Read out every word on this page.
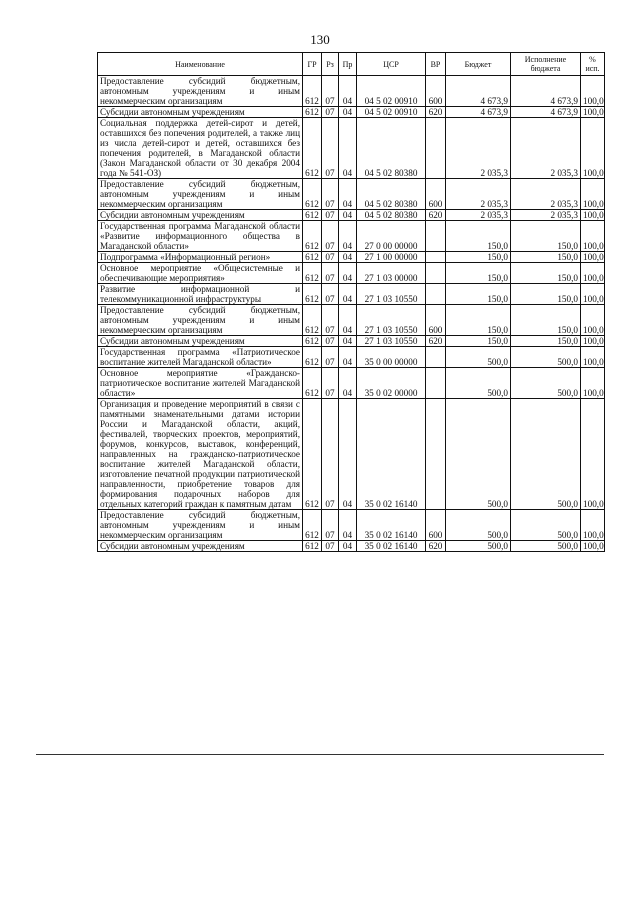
130
Наименование	ГР	Рз	Пр	ЦСР	ВР	Бюджет	Исполнение бюджета	% исп.
Предоставление субсидий бюджетным, автономным учреждениям и иным некоммерческим организациям	612	07	04	04 5 02 00910	600	4 673,9	4 673,9	100,0
Субсидии автономным учреждениям	612	07	04	04 5 02 00910	620	4 673,9	4 673,9	100,0
Социальная поддержка детей-сирот и детей, оставшихся без попечения родителей, а также лиц из числа детей-сирот и детей, оставшихся без попечения родителей, в Магаданской области (Закон Магаданской области от 30 декабря 2004 года № 541-ОЗ)	612	07	04	04 5 02 80380		2 035,3	2 035,3	100,0
Предоставление субсидий бюджетным, автономным учреждениям и иным некоммерческим организациям	612	07	04	04 5 02 80380	600	2 035,3	2 035,3	100,0
Субсидии автономным учреждениям	612	07	04	04 5 02 80380	620	2 035,3	2 035,3	100,0
Государственная программа Магаданской области «Развитие информационного общества в Магаданской области»	612	07	04	27 0 00 00000		150,0	150,0	100,0
Подпрограмма «Информационный регион»	612	07	04	27 1 00 00000		150,0	150,0	100,0
Основное мероприятие «Общесистемные и обеспечивающие мероприятия»	612	07	04	27 1 03 00000		150,0	150,0	100,0
Развитие информационной и телекоммуникационной инфраструктуры	612	07	04	27 1 03 10550		150,0	150,0	100,0
Предоставление субсидий бюджетным, автономным учреждениям и иным некоммерческим организациям	612	07	04	27 1 03 10550	600	150,0	150,0	100,0
Субсидии автономным учреждениям	612	07	04	27 1 03 10550	620	150,0	150,0	100,0
Государственная программа «Патриотическое воспитание жителей Магаданской области»	612	07	04	35 0 00 00000		500,0	500,0	100,0
Основное мероприятие «Гражданско-патриотическое воспитание жителей Магаданской области»	612	07	04	35 0 02 00000		500,0	500,0	100,0
Организация и проведение мероприятий в связи с памятными знаменательными датами истории России и Магаданской области, акций, фестивалей, творческих проектов, мероприятий, форумов, конкурсов, выставок, конференций, направленных на гражданско-патриотическое воспитание жителей Магаданской области, изготовление печатной продукции патриотической направленности, приобретение товаров для формирования подарочных наборов для отдельных категорий граждан к памятным датам	612	07	04	35 0 02 16140		500,0	500,0	100,0
Предоставление субсидий бюджетным, автономным учреждениям и иным некоммерческим организациям	612	07	04	35 0 02 16140	600	500,0	500,0	100,0
Субсидии автономным учреждениям	612	07	04	35 0 02 16140	620	500,0	500,0	100,0
